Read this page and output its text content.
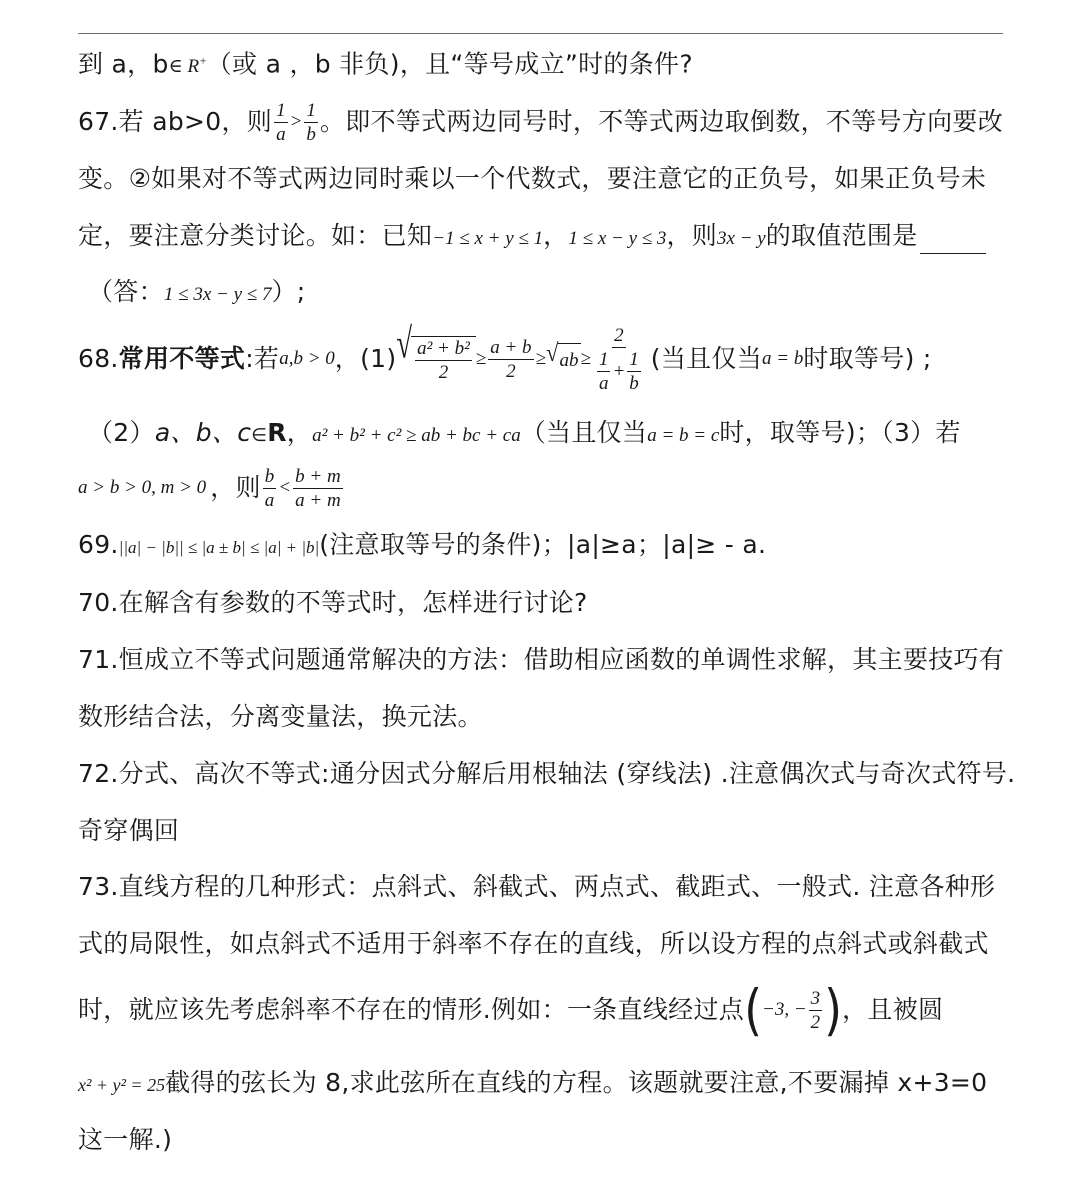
到 a，b∈ R+（或 a ，b 非负)，且“等号成立”时的条件?
67.若 ab>0，则 $\frac{1}{a} > \frac{1}{b}$ 。即不等式两边同号时，不等式两边取倒数，不等号方向要改
变。②如果对不等式两边同时乘以一个代数式，要注意它的正负号，如果正负号未
定，要注意分类讨论。如：已知−1 ≤ x + y ≤ 1，1 ≤ x − y ≤ 3，则3x − y的取值范围是
（答：1 ≤ 3x − y ≤ 7）;
68. 常用不等式 :若 a,b > 0 ，(1) √ $\frac{\text{a² + b²}}{2} \ge \frac{a + b}{2}$ ≥ √ ab ≥ $\frac{2}{\frac{1}{a} + \frac{1}{b}}$ (当且仅当 a = b 时取等号) ;
（2）a、b、c∈R，a² + b² + c² ≥ ab + bc + ca（当且仅当a = b = c时，取等号)；（3）若
a > b > 0, m > 0 ，则 $\frac{b}{a} < \frac{b + m}{a + m}$
69.||a| − |b|| ≤ |a ± b| ≤ |a| + |b|(注意取等号的条件)；|a|≥a；|a|≥ - a.
70.在解含有参数的不等式时，怎样进行讨论?
71.恒成立不等式问题通常解决的方法：借助相应函数的单调性求解，其主要技巧有
数形结合法，分离变量法，换元法。
72.分式、高次不等式:通分因式分解后用根轴法 (穿线法) .注意偶次式与奇次式符号.
奇穿偶回
73.直线方程的几种形式：点斜式、斜截式、两点式、截距式、一般式. 注意各种形
式的局限性，如点斜式不适用于斜率不存在的直线，所以设方程的点斜式或斜截式
时，就应该先考虑斜率不存在的情形.例如：一条直线经过点 ( −3, − $\frac{3}{2}$ ) ，且被圆
x² + y² = 25截得的弦长为 8,求此弦所在直线的方程。该题就要注意,不要漏掉 x+3=0
这一解.)
